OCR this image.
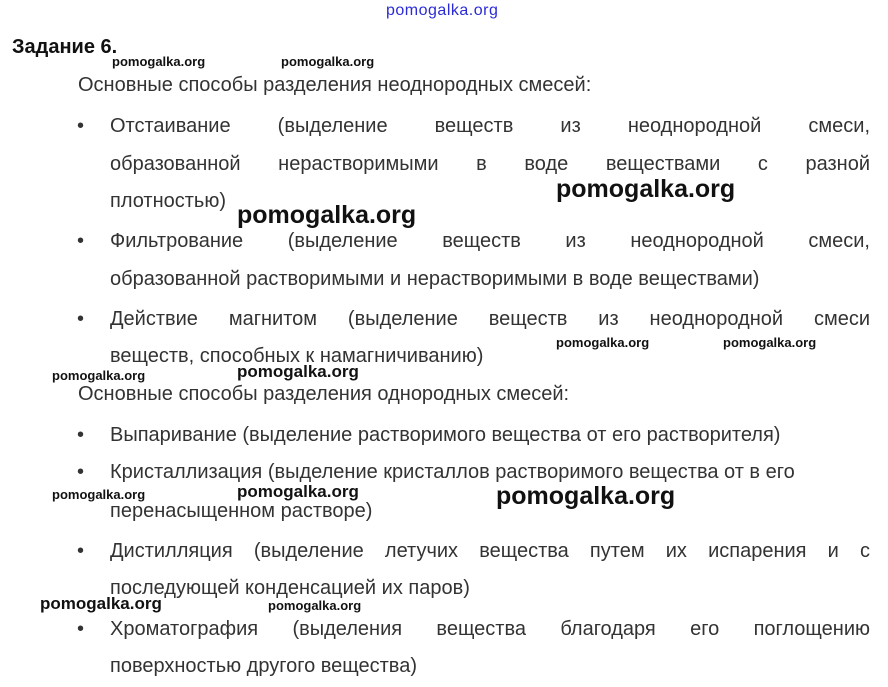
pomogalka.org
Задание 6.
Основные способы разделения неоднородных смесей:
• Отстаивание (выделение веществ из неоднородной смеси,
образованной нерастворимыми в воде веществами с разной
плотностью)
• Фильтрование (выделение веществ из неоднородной смеси,
образованной растворимыми и нерастворимыми в воде веществами)
• Действие магнитом (выделение веществ из неоднородной смеси
веществ, способных к намагничиванию)
Основные способы разделения однородных смесей:
• Выпаривание (выделение растворимого вещества от его растворителя)
• Кристаллизация (выделение кристаллов растворимого вещества от в его
перенасыщенном растворе)
• Дистилляция (выделение летучих вещества путем их испарения и с
последующей конденсацией их паров)
• Хроматография (выделения вещества благодаря его поглощению
поверхностью другого вещества)
pomogalka.org	pomogalka.org
pomogalka.org
pomogalka.org
pomogalka.org	pomogalka.org
pomogalka.org	pomogalka.org
pomogalka.org	pomogalka.org	pomogalka.org
pomogalka.org	pomogalka.org
